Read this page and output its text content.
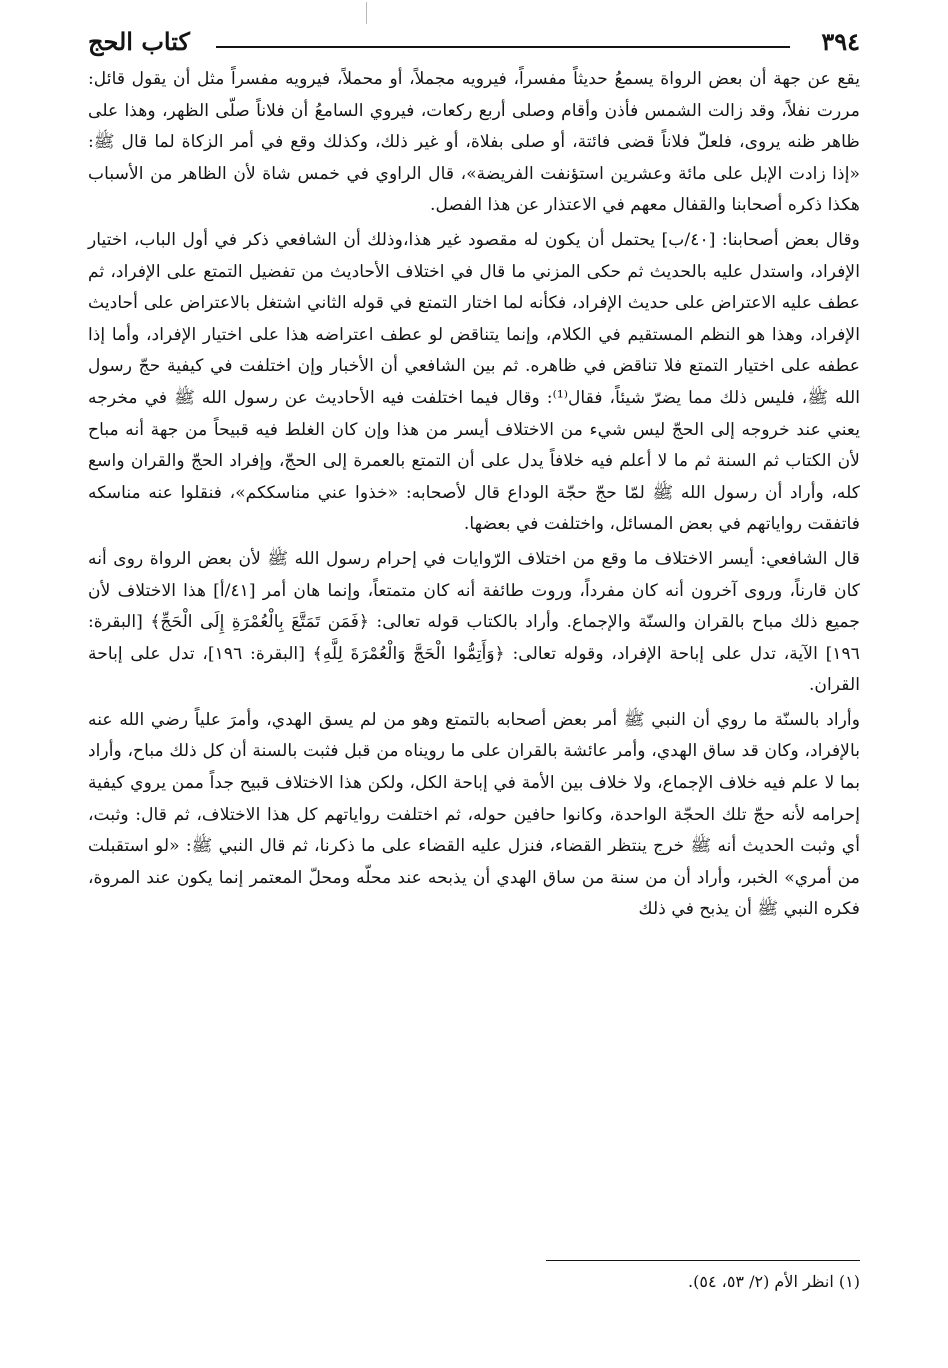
٣٩٤
كتاب الحج

يقع عن جهة أن بعض الرواة يسمعُ حديثاً مفسراً، فيرويه مجملاً، أو محملاً، فيرويه مفسراً مثل أن يقول قائل: مررت نفلاً، وقد زالت الشمس فأذن وأقام وصلى أربع ركعات، فيروي السامعُ أن فلاناً صلّى الظهر، وهذا على ظاهر ظنه يروى، فلعلّ فلاناً قضى فائتة، أو صلى بفلاة، أو غير ذلك، وكذلك وقع في أمر الزكاة لما قال ﷺ: «إذا زادت الإبل على مائة وعشرين استؤنفت الفريضة»، قال الراوي في خمس شاة لأن الظاهر من الأسباب هكذا ذكره أصحابنا والقفال معهم في الاعتذار عن هذا الفصل.

وقال بعض أصحابنا: [٤٠/ب] يحتمل أن يكون له مقصود غير هذا،وذلك أن الشافعي ذكر في أول الباب، اختيار الإفراد، واستدل عليه بالحديث ثم حكى المزني ما قال في اختلاف الأحاديث من تفضيل التمتع على الإفراد، ثم عطف عليه الاعتراض على حديث الإفراد، فكأنه لما اختار التمتع في قوله الثاني اشتغل بالاعتراض على أحاديث الإفراد، وهذا هو النظم المستقيم في الكلام، وإنما يتناقض لو عطف اعتراضه هذا على اختيار الإفراد، وأما إذا عطفه على اختيار التمتع فلا تناقض في ظاهره. ثم بين الشافعي أن الأخبار وإن اختلفت في كيفية حجّ رسول الله ﷺ، فليس ذلك مما يضرّ شيئاً، فقال⁽¹⁾: وقال فيما اختلفت فيه الأحاديث عن رسول الله ﷺ في مخرجه يعني عند خروجه إلى الحجّ ليس شيء من الاختلاف أيسر من هذا وإن كان الغلط فيه قبيحاً من جهة أنه مباح لأن الكتاب ثم السنة ثم ما لا أعلم فيه خلافاً يدل على أن التمتع بالعمرة إلى الحجّ، وإفراد الحجّ والقران واسع كله، وأراد أن رسول الله ﷺ لمّا حجّ حجّة الوداع قال لأصحابه: «خذوا عني مناسككم»، فنقلوا عنه مناسكه فاتفقت رواياتهم في بعض المسائل، واختلفت في بعضها.

قال الشافعي: أيسر الاختلاف ما وقع من اختلاف الرّوايات في إحرام رسول الله ﷺ لأن بعض الرواة روى أنه كان قارناً، وروى آخرون أنه كان مفرداً، وروت طائفة أنه كان متمتعاً، وإنما هان أمر [٤١/أ] هذا الاختلاف لأن جميع ذلك مباح بالقران والسنّة والإجماع. وأراد بالكتاب قوله تعالى: ﴿فَمَن تَمَتَّعَ بِالْعُمْرَةِ إِلَى الْحَجِّ﴾ [البقرة: ١٩٦] الآية، تدل على إباحة الإفراد، وقوله تعالى: ﴿وَأَتِمُّوا الْحَجَّ وَالْعُمْرَةَ لِلَّهِ﴾ [البقرة: ١٩٦]، تدل على إباحة القران.

وأراد بالسنّة ما روي أن النبي ﷺ أمر بعض أصحابه بالتمتع وهو من لم يسق الهدي، وأمرَ علياً رضي الله عنه بالإفراد، وكان قد ساق الهدي، وأمر عائشة بالقران على ما رويناه من قبل فثبت بالسنة أن كل ذلك مباح، وأراد بما لا علم فيه خلاف الإجماع، ولا خلاف بين الأمة في إباحة الكل، ولكن هذا الاختلاف قبيح جداً ممن يروي كيفية إحرامه لأنه حجّ تلك الحجّة الواحدة، وكانوا حافين حوله، ثم اختلفت رواياتهم كل هذا الاختلاف، ثم قال: وثبت، أي وثبت الحديث أنه ﷺ خرج ينتظر القضاء، فنزل عليه القضاء على ما ذكرنا، ثم قال النبي ﷺ: «لو استقبلت من أمري» الخبر، وأراد أن من سنة من ساق الهدي أن يذبحه عند محلّه ومحلّ المعتمر إنما يكون عند المروة، فكره النبي ﷺ أن يذبح في ذلك

(١) انظر الأم (٢/ ٥٣، ٥٤).
